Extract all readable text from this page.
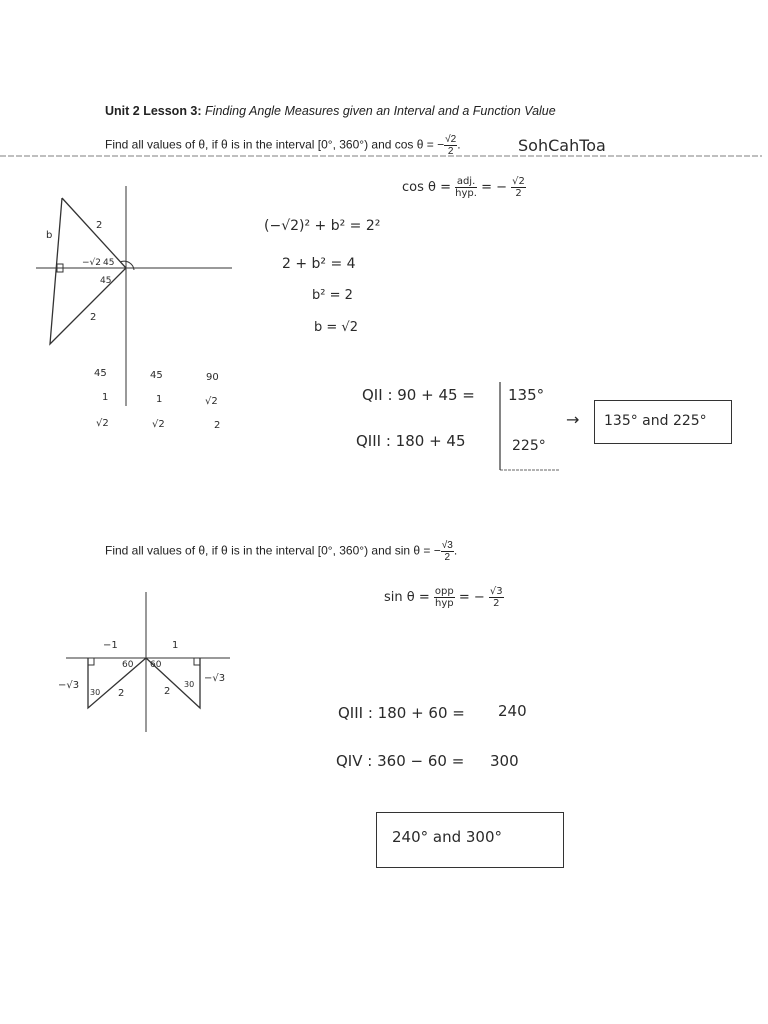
Unit 2 Lesson 3: Finding Angle Measures given an Interval and a Function Value
Find all values of θ, if θ is in the interval [0°, 360°) and cos θ = − $\frac{√2}{2}$ .	SohCahToa
$\cos \theta = \frac{\text{adj.}}{\text{hyp.}}$ = − $\frac{√2}{2}$
b
2
−√2 45
45
2
(−√2)² + b² = 2²
2 + b² = 4
b² = 2
b = √2
45	45	90
1	1	√2
√2	√2	2
QII : 90 + 45 = 135°
QIII : 180 + 45	225°
→ 135° and 225°
Find all values of θ, if θ is in the interval [0°, 360°) and sin θ = − $\frac{√3}{2}$ .
$\sin \theta = \frac{\text{opp}}{\text{hyp}}$ = − $\frac{√3}{2}$
−1	1
60 60
−√3
−√3
30
30
2	2
QIII : 180 + 60 = 240
QIV : 360 − 60 = 300
240° and 300°
